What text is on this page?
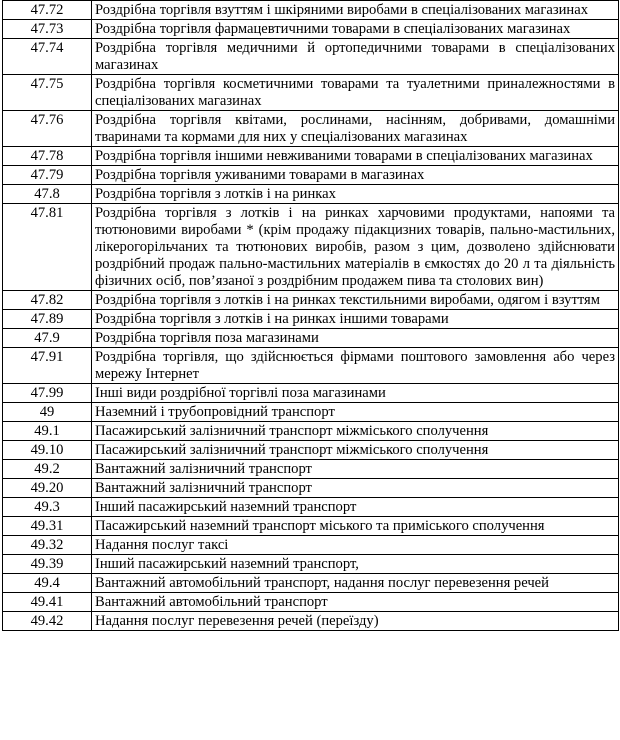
47.72	Роздрібна торгівля взуттям і шкіряними виробами в спеціалізованих магазинах
47.73	Роздрібна торгівля фармацевтичними товарами в спеціалізованих магазинах
47.74	Роздрібна торгівля медичними й ортопедичними товарами в спеціалізованих магазинах
47.75	Роздрібна торгівля косметичними товарами та туалетними приналежностями в спеціалізованих магазинах
47.76	Роздрібна торгівля квітами, рослинами, насінням, добривами, домашніми тваринами та кормами для них у спеціалізованих магазинах
47.78	Роздрібна торгівля іншими невживаними товарами в спеціалізованих магазинах
47.79	Роздрібна торгівля уживаними товарами в магазинах
47.8	Роздрібна торгівля з лотків і на ринках
47.81	Роздрібна торгівля з лотків і на ринках харчовими продуктами, напоями та тютюновими виробами * (крім продажу підакцизних товарів, пально-мастильних, лікерогорільчаних та тютюнових виробів, разом з цим, дозволено здійснювати роздрібний продаж пально-мастильних матеріалів в ємкостях до 20 л та діяльність фізичних осіб, пов’язаної з роздрібним продажем пива та столових вин)
47.82	Роздрібна торгівля з лотків і на ринках текстильними виробами, одягом і взуттям
47.89	Роздрібна торгівля з лотків і на ринках іншими товарами
47.9	Роздрібна торгівля поза магазинами
47.91	Роздрібна торгівля, що здійснюється фірмами поштового замовлення або через мережу Інтернет
47.99	Інші види роздрібної торгівлі поза магазинами
49	Наземний і трубопровідний транспорт
49.1	Пасажирський залізничний транспорт міжміського сполучення
49.10	Пасажирський залізничний транспорт міжміського сполучення
49.2	Вантажний залізничний транспорт
49.20	Вантажний залізничний транспорт
49.3	Інший пасажирський наземний транспорт
49.31	Пасажирський наземний транспорт міського та приміського сполучення
49.32	Надання послуг таксі
49.39	Інший пасажирський наземний транспорт,
49.4	Вантажний автомобільний транспорт, надання послуг перевезення речей
49.41	Вантажний автомобільний транспорт
49.42	Надання послуг перевезення речей (переїзду)
